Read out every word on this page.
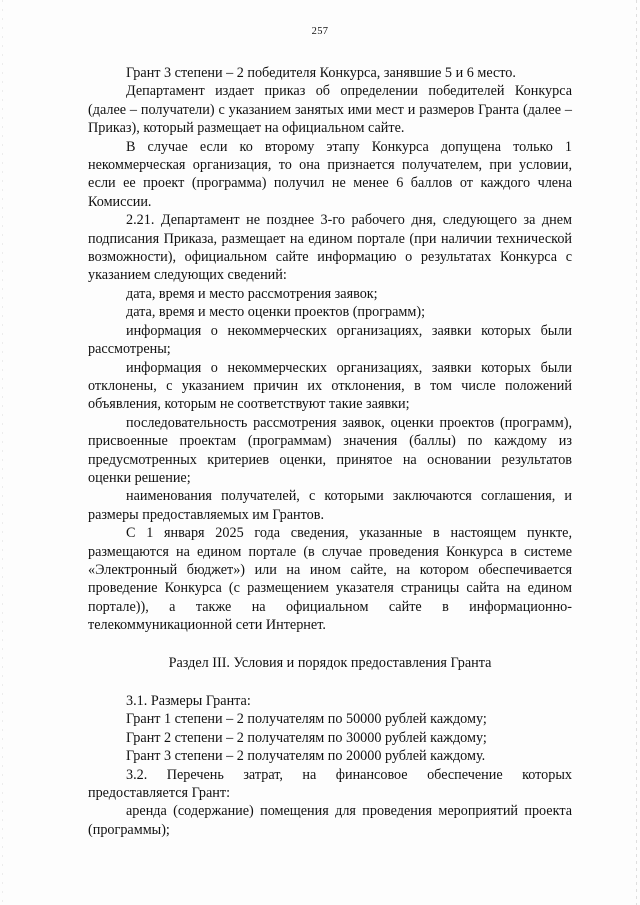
257

Грант 3 степени – 2 победителя Конкурса, занявшие 5 и 6 место.

Департамент издает приказ об определении победителей Конкурса (далее – получатели) с указанием занятых ими мест и размеров Гранта (далее – Приказ), который размещает на официальном сайте.

В случае если ко второму этапу Конкурса допущена только 1 некоммерческая организация, то она признается получателем, при условии, если ее проект (программа) получил не менее 6 баллов от каждого члена Комиссии.

2.21. Департамент не позднее 3-го рабочего дня, следующего за днем подписания Приказа, размещает на едином портале (при наличии технической возможности), официальном сайте информацию о результатах Конкурса с указанием следующих сведений:

дата, время и место рассмотрения заявок;

дата, время и место оценки проектов (программ);

информация о некоммерческих организациях, заявки которых были рассмотрены;

информация о некоммерческих организациях, заявки которых были отклонены, с указанием причин их отклонения, в том числе положений объявления, которым не соответствуют такие заявки;

последовательность рассмотрения заявок, оценки проектов (программ), присвоенные проектам (программам) значения (баллы) по каждому из предусмотренных критериев оценки, принятое на основании результатов оценки решение;

наименования получателей, с которыми заключаются соглашения, и размеры предоставляемых им Грантов.

С 1 января 2025 года сведения, указанные в настоящем пункте, размещаются на едином портале (в случае проведения Конкурса в системе «Электронный бюджет») или на ином сайте, на котором обеспечивается проведение Конкурса (с размещением указателя страницы сайта на едином портале)), а также на официальном сайте в информационно-телекоммуникационной сети Интернет.

Раздел III. Условия и порядок предоставления Гранта

3.1. Размеры Гранта:

Грант 1 степени – 2 получателям по 50000 рублей каждому;

Грант 2 степени – 2 получателям по 30000 рублей каждому;

Грант 3 степени – 2 получателям по 20000 рублей каждому.

3.2. Перечень затрат, на финансовое обеспечение которых предоставляется Грант:

аренда (содержание) помещения для проведения мероприятий проекта (программы);
